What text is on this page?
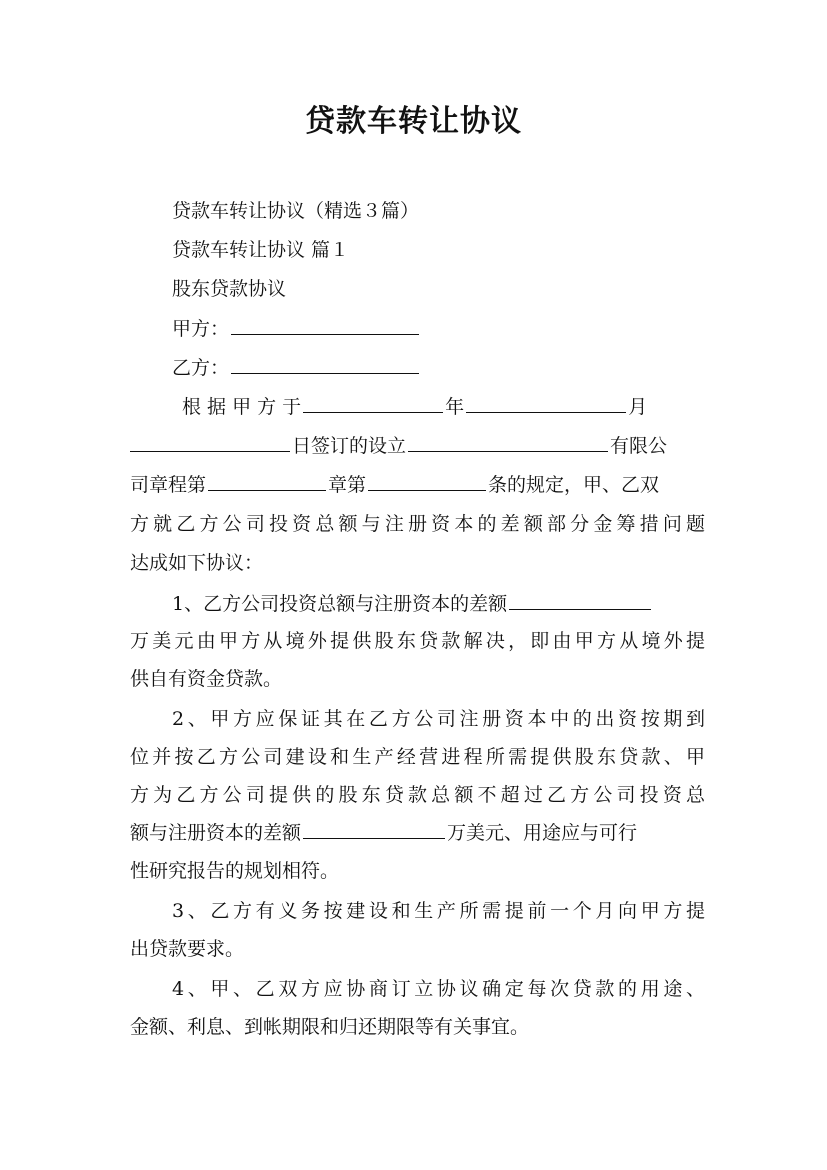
贷款车转让协议
贷款车转让协议（精选３篇）
贷款车转让协议 篇１
股东贷款协议
甲方：
乙方：
根 据 甲 方 于	年	月
日签订的设立	有限公
司章程第	章第	条的规定，甲、乙双
方就乙方公司投资总额与注册资本的差额部分金筹措问题
达成如下协议：
1、乙方公司投资总额与注册资本的差额
万美元由甲方从境外提供股东贷款解决，即由甲方从境外提
供自有资金贷款。
2、甲方应保证其在乙方公司注册资本中的出资按期到
位并按乙方公司建设和生产经营进程所需提供股东贷款、甲
方为乙方公司提供的股东贷款总额不超过乙方公司投资总
额与注册资本的差额	万美元、用途应与可行
性研究报告的规划相符。
3、乙方有义务按建设和生产所需提前一个月向甲方提
出贷款要求。
4、甲、乙双方应协商订立协议确定每次贷款的用途、
金额、利息、到帐期限和归还期限等有关事宜。
